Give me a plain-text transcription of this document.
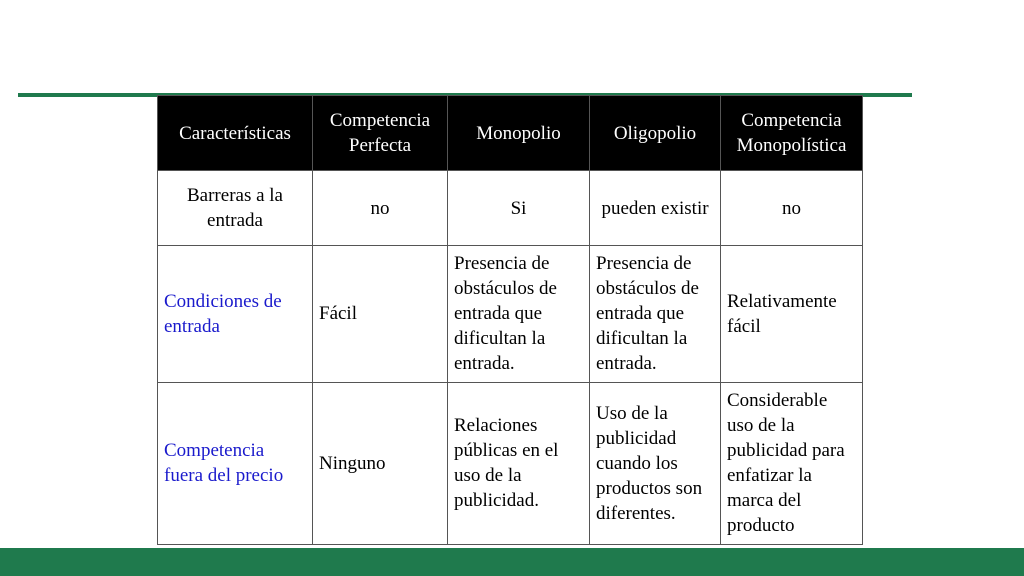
Características	Competencia Perfecta	Monopolio	Oligopolio	Competencia Monopolística
Barreras a la entrada	no	Si	pueden existir	no
Condiciones de entrada	Fácil	Presencia de obstáculos de entrada que dificultan la entrada.	Presencia de obstáculos de entrada que dificultan la entrada.	Relativamente fácil
Competencia fuera del precio	Ninguno	Relaciones públicas en el uso de la publicidad.	Uso de la publicidad cuando los productos son diferentes.	Considerable uso de la publicidad para enfatizar la marca del producto
